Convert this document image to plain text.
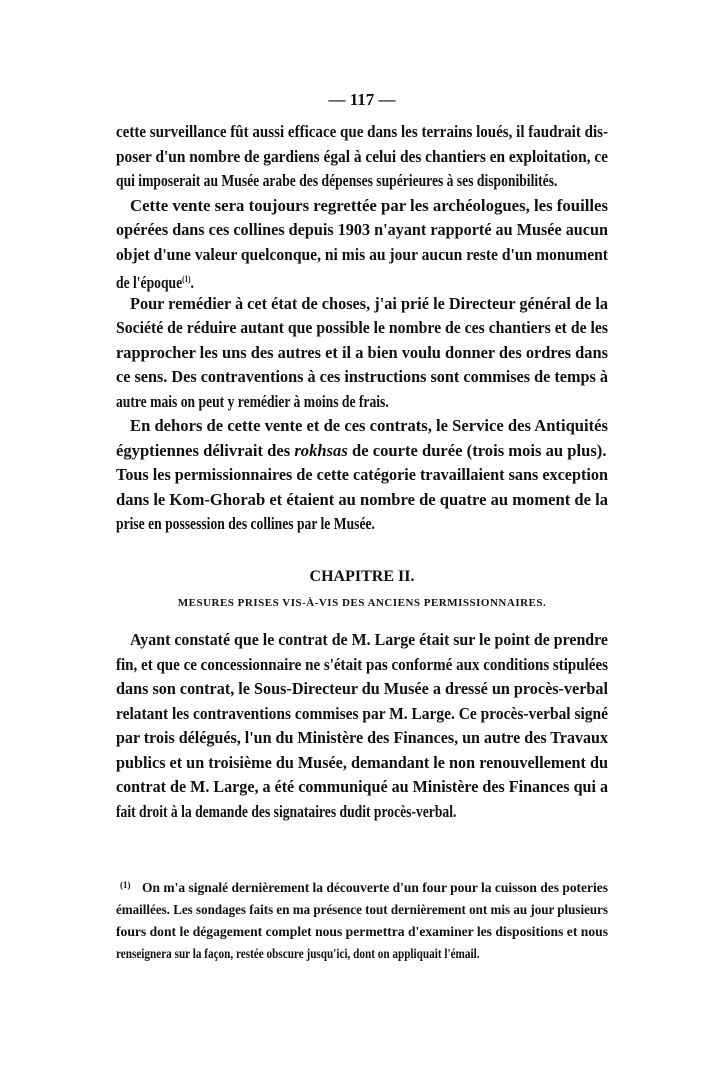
— 117 —
cette surveillance fût aussi efficace que dans les terrains loués, il faudrait dis-
poser d'un nombre de gardiens égal à celui des chantiers en exploitation, ce
qui imposerait au Musée arabe des dépenses supérieures à ses disponibilités.
Cette vente sera toujours regrettée par les archéologues, les fouilles
opérées dans ces collines depuis 1903 n'ayant rapporté au Musée aucun
objet d'une valeur quelconque, ni mis au jour aucun reste d'un monument
de l'époque$^{(1)}$.
Pour remédier à cet état de choses, j'ai prié le Directeur général de la
Société de réduire autant que possible le nombre de ces chantiers et de les
rapprocher les uns des autres et il a bien voulu donner des ordres dans
ce sens. Des contraventions à ces instructions sont commises de temps à
autre mais on peut y remédier à moins de frais.
En dehors de cette vente et de ces contrats, le Service des Antiquités
égyptiennes délivrait des rokhsas de courte durée (trois mois au plus).
Tous les permissionnaires de cette catégorie travaillaient sans exception
dans le Kom-Ghorab et étaient au nombre de quatre au moment de la
prise en possession des collines par le Musée.
CHAPITRE II.
MESURES PRISES VIS-À-VIS DES ANCIENS PERMISSIONNAIRES.
Ayant constaté que le contrat de M. Large était sur le point de prendre
fin, et que ce concessionnaire ne s'était pas conformé aux conditions stipulées
dans son contrat, le Sous-Directeur du Musée a dressé un procès-verbal
relatant les contraventions commises par M. Large. Ce procès-verbal signé
par trois délégués, l'un du Ministère des Finances, un autre des Travaux
publics et un troisième du Musée, demandant le non renouvellement du
contrat de M. Large, a été communiqué au Ministère des Finances qui a
fait droit à la demande des signataires dudit procès-verbal.
On m'a signalé dernièrement la découverte d'un four pour la cuisson des poteries
émaillées. Les sondages faits en ma présence tout dernièrement ont mis au jour plusieurs
fours dont le dégagement complet nous permettra d'examiner les dispositions et nous
renseignera sur la façon, restée obscure jusqu'ici, dont on appliquait l'émail.
(1)
